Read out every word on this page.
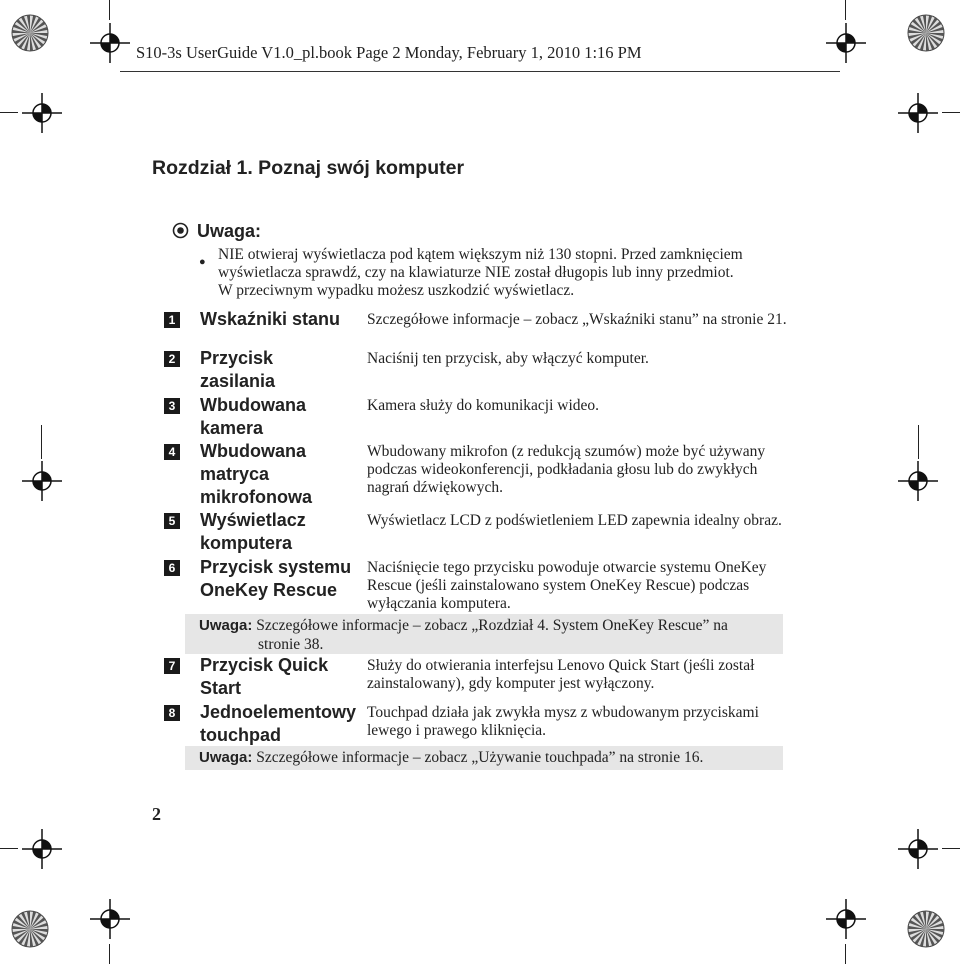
S10-3s UserGuide V1.0_pl.book Page 2 Monday, February 1, 2010 1:16 PM
Rozdział 1. Poznaj swój komputer
Uwaga:
● NIE otwieraj wyświetlacza pod kątem większym niż 130 stopni. Przed zamknięciem
wyświetlacza sprawdź, czy na klawiaturze NIE został długopis lub inny przedmiot.
W przeciwnym wypadku możesz uszkodzić wyświetlacz.
1 Wskaźniki stanu Szczegółowe informacje – zobacz „Wskaźniki stanu” na stronie 21.
2 Przycisk
zasilania
Naciśnij ten przycisk, aby włączyć komputer.
3 Wbudowana
kamera
Kamera służy do komunikacji wideo.
4 Wbudowana
matryca
mikrofonowa
Wbudowany mikrofon (z redukcją szumów) może być używany podczas wideokonferencji, podkładania głosu lub do zwykłych nagrań dźwiękowych.
5 Wyświetlacz
komputera
Wyświetlacz LCD z podświetleniem LED zapewnia idealny obraz.
6 Przycisk systemu
OneKey Rescue
Naciśnięcie tego przycisku powoduje otwarcie systemu OneKey Rescue (jeśli zainstalowano system OneKey Rescue) podczas wyłączania komputera.
Uwaga: Szczegółowe informacje – zobacz „Rozdział 4. System OneKey Rescue” na
stronie 38.
7 Przycisk Quick
Start
Służy do otwierania interfejsu Lenovo Quick Start (jeśli został zainstalowany), gdy komputer jest wyłączony.
8 Jednoelementowy
touchpad
Touchpad działa jak zwykła mysz z wbudowanym przyciskami lewego i prawego kliknięcia.
Uwaga: Szczegółowe informacje – zobacz „Używanie touchpada” na stronie 16.
2
